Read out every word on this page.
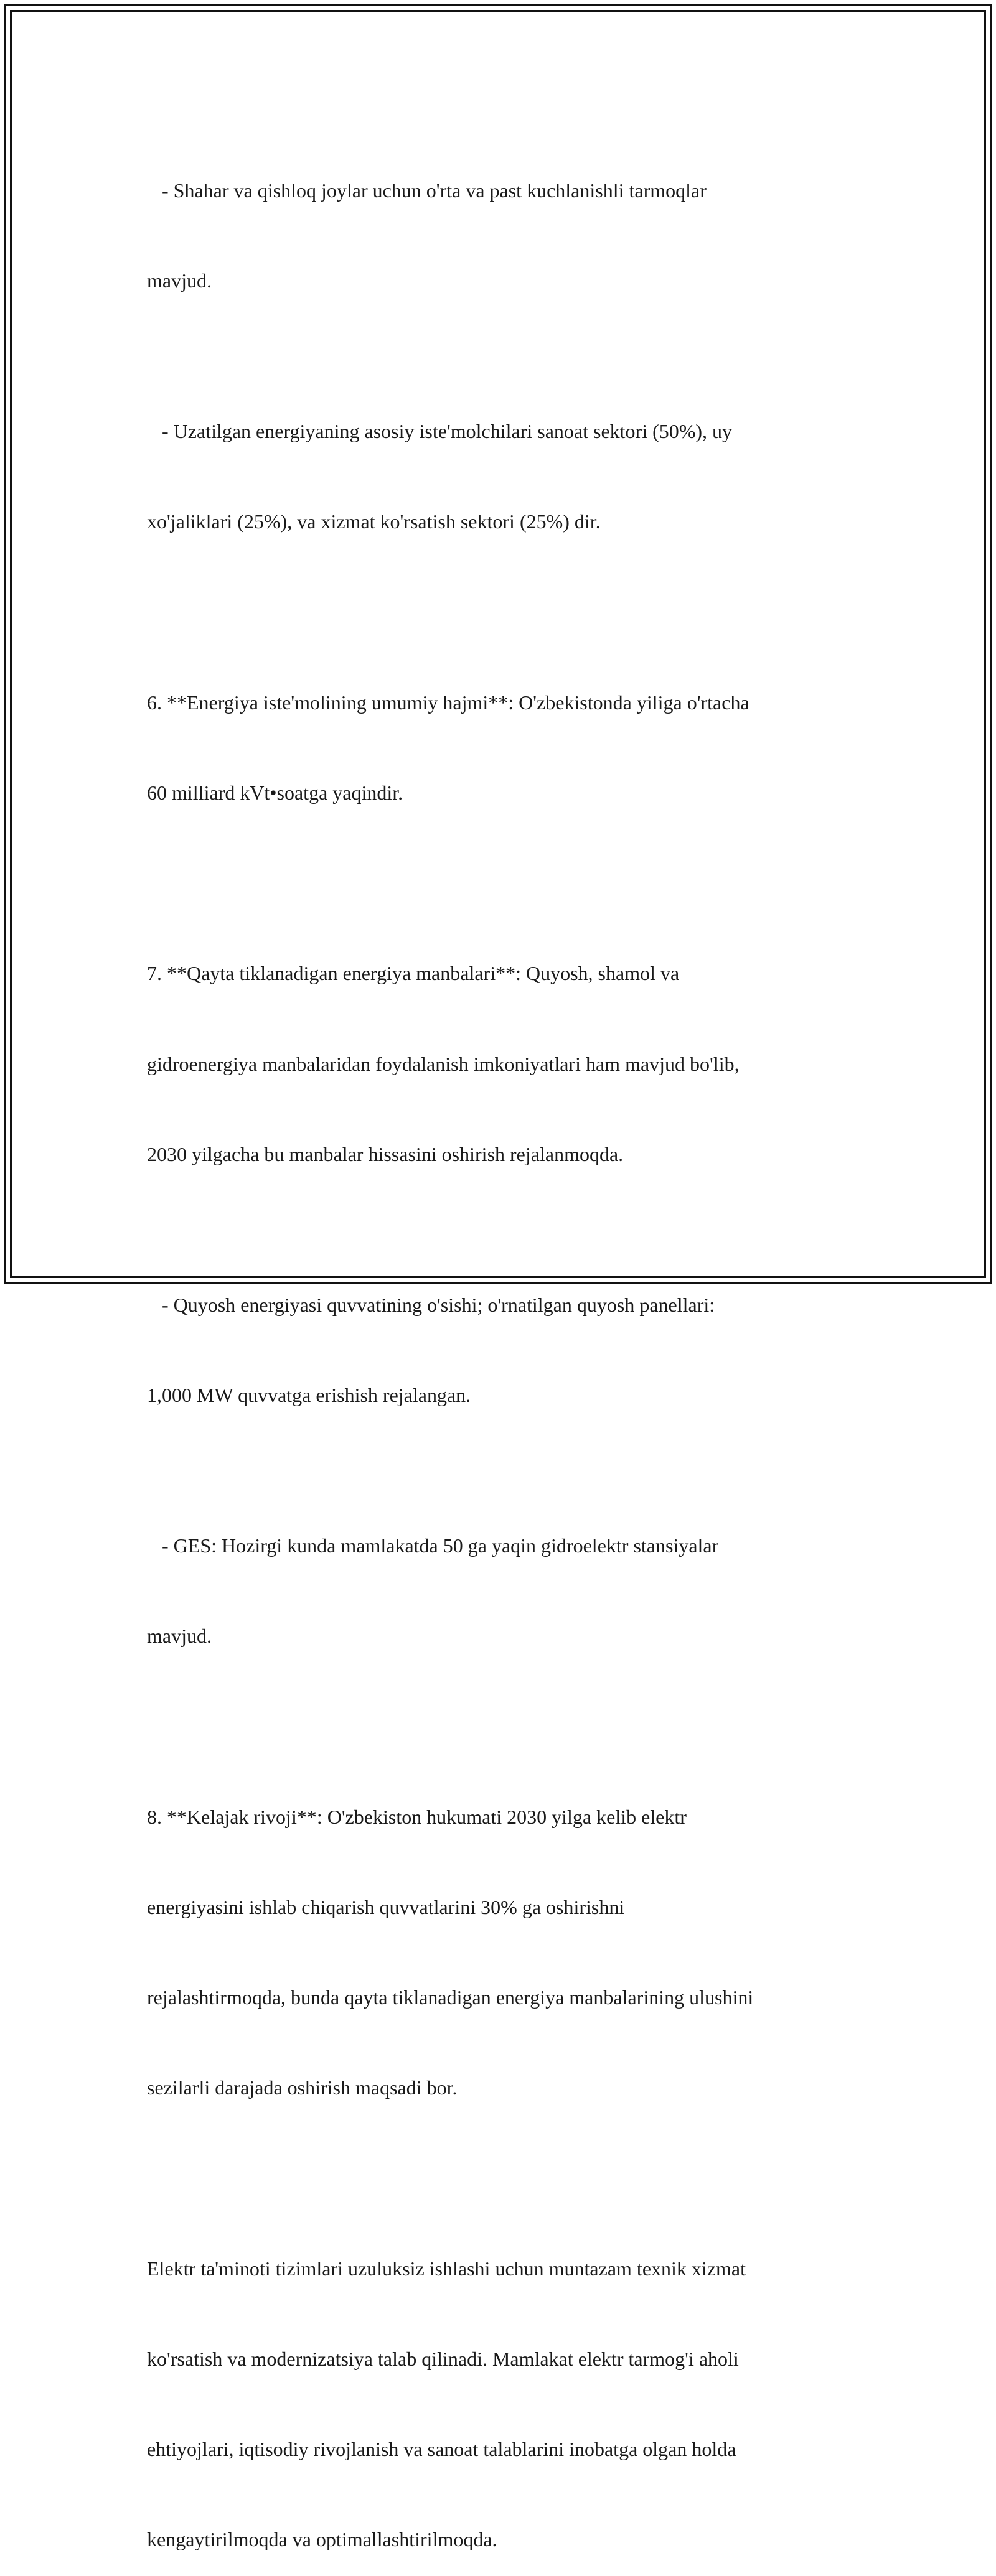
- Shahar va qishloq joylar uchun o'rta va past kuchlanishli tarmoqlar

mavjud.

- Uzatilgan energiyaning asosiy iste'molchilari sanoat sektori (50%), uy

xo'jaliklari (25%), va xizmat ko'rsatish sektori (25%) dir.

6. **Energiya iste'molining umumiy hajmi**: O'zbekistonda yiliga o'rtacha

60 milliard kVt•soatga yaqindir.

7. **Qayta tiklanadigan energiya manbalari**: Quyosh, shamol va

gidroenergiya manbalaridan foydalanish imkoniyatlari ham mavjud bo'lib,

2030 yilgacha bu manbalar hissasini oshirish rejalanmoqda.

- Quyosh energiyasi quvvatining o'sishi; o'rnatilgan quyosh panellari:

1,000 MW quvvatga erishish rejalangan.

- GES: Hozirgi kunda mamlakatda 50 ga yaqin gidroelektr stansiyalar

mavjud.

8. **Kelajak rivoji**: O'zbekiston hukumati 2030 yilga kelib elektr

energiyasini ishlab chiqarish quvvatlarini 30% ga oshirishni

rejalashtirmoqda, bunda qayta tiklanadigan energiya manbalarining ulushini

sezilarli darajada oshirish maqsadi bor.

Elektr ta'minoti tizimlari uzuluksiz ishlashi uchun muntazam texnik xizmat

ko'rsatish va modernizatsiya talab qilinadi. Mamlakat elektr tarmog'i aholi

ehtiyojlari, iqtisodiy rivojlanish va sanoat talablarini inobatga olgan holda

kengaytirilmoqda va optimallashtirilmoqda.
